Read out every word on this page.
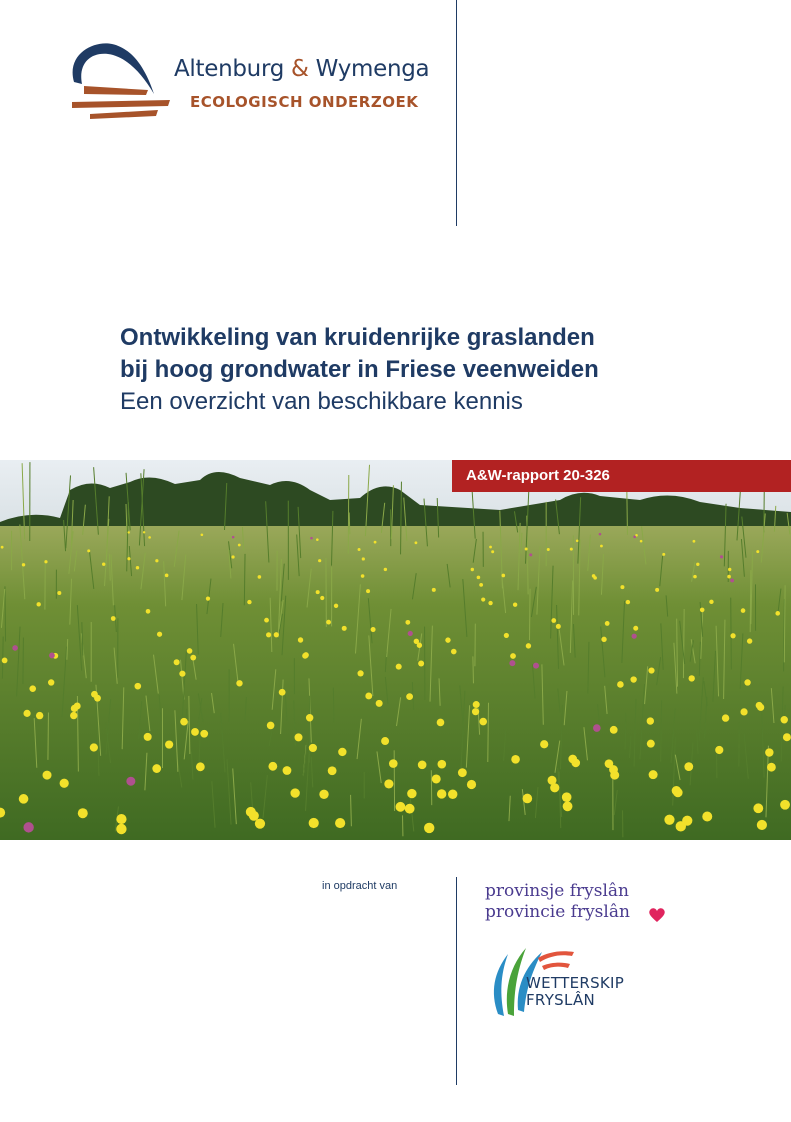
Altenburg & Wymenga
ECOLOGISCH ONDERZOEK
Ontwikkeling van kruidenrijke graslanden
bij hoog grondwater in Friese veenweiden
Een overzicht van beschikbare kennis
A&W-rapport 20-326
in opdracht van	provinsje fryslân
provincie fryslân
WETTERSKIP
FRYSLÂN
